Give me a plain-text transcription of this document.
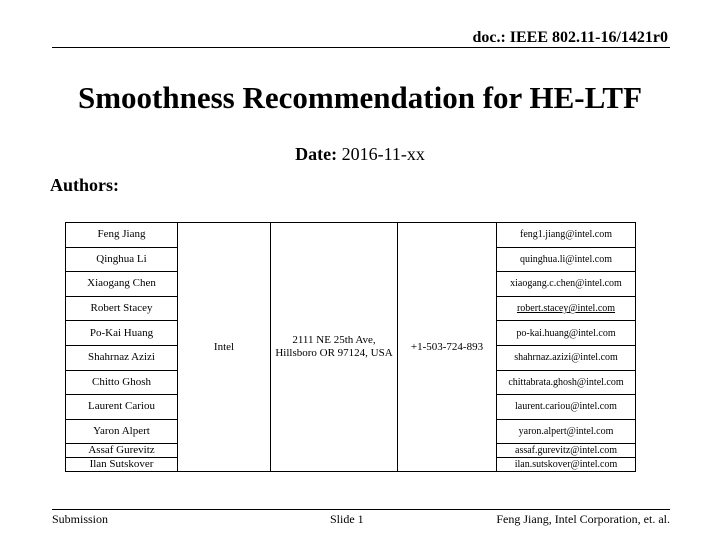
doc.: IEEE 802.11-16/1421r0
Smoothness Recommendation for HE-LTF
Date: 2016-11-xx
Authors:
Feng Jiang	Intel	2111 NE 25th Ave, Hillsboro OR 97124, USA	+1-503-724-893	feng1.jiang@intel.com
Qinghua Li				quinghua.li@intel.com
Xiaogang Chen				xiaogang.c.chen@intel.com
Robert Stacey				robert.stacey@intel.com
Po-Kai Huang				po-kai.huang@intel.com
Shahrnaz Azizi				shahrnaz.azizi@intel.com
Chitto Ghosh				chittabrata.ghosh@intel.com
Laurent Cariou				laurent.cariou@intel.com
Yaron Alpert				yaron.alpert@intel.com
Assaf Gurevitz				assaf.gurevitz@intel.com
Ilan Sutskover				ilan.sutskover@intel.com
Submission	Slide 1	Feng Jiang, Intel Corporation, et. al.
